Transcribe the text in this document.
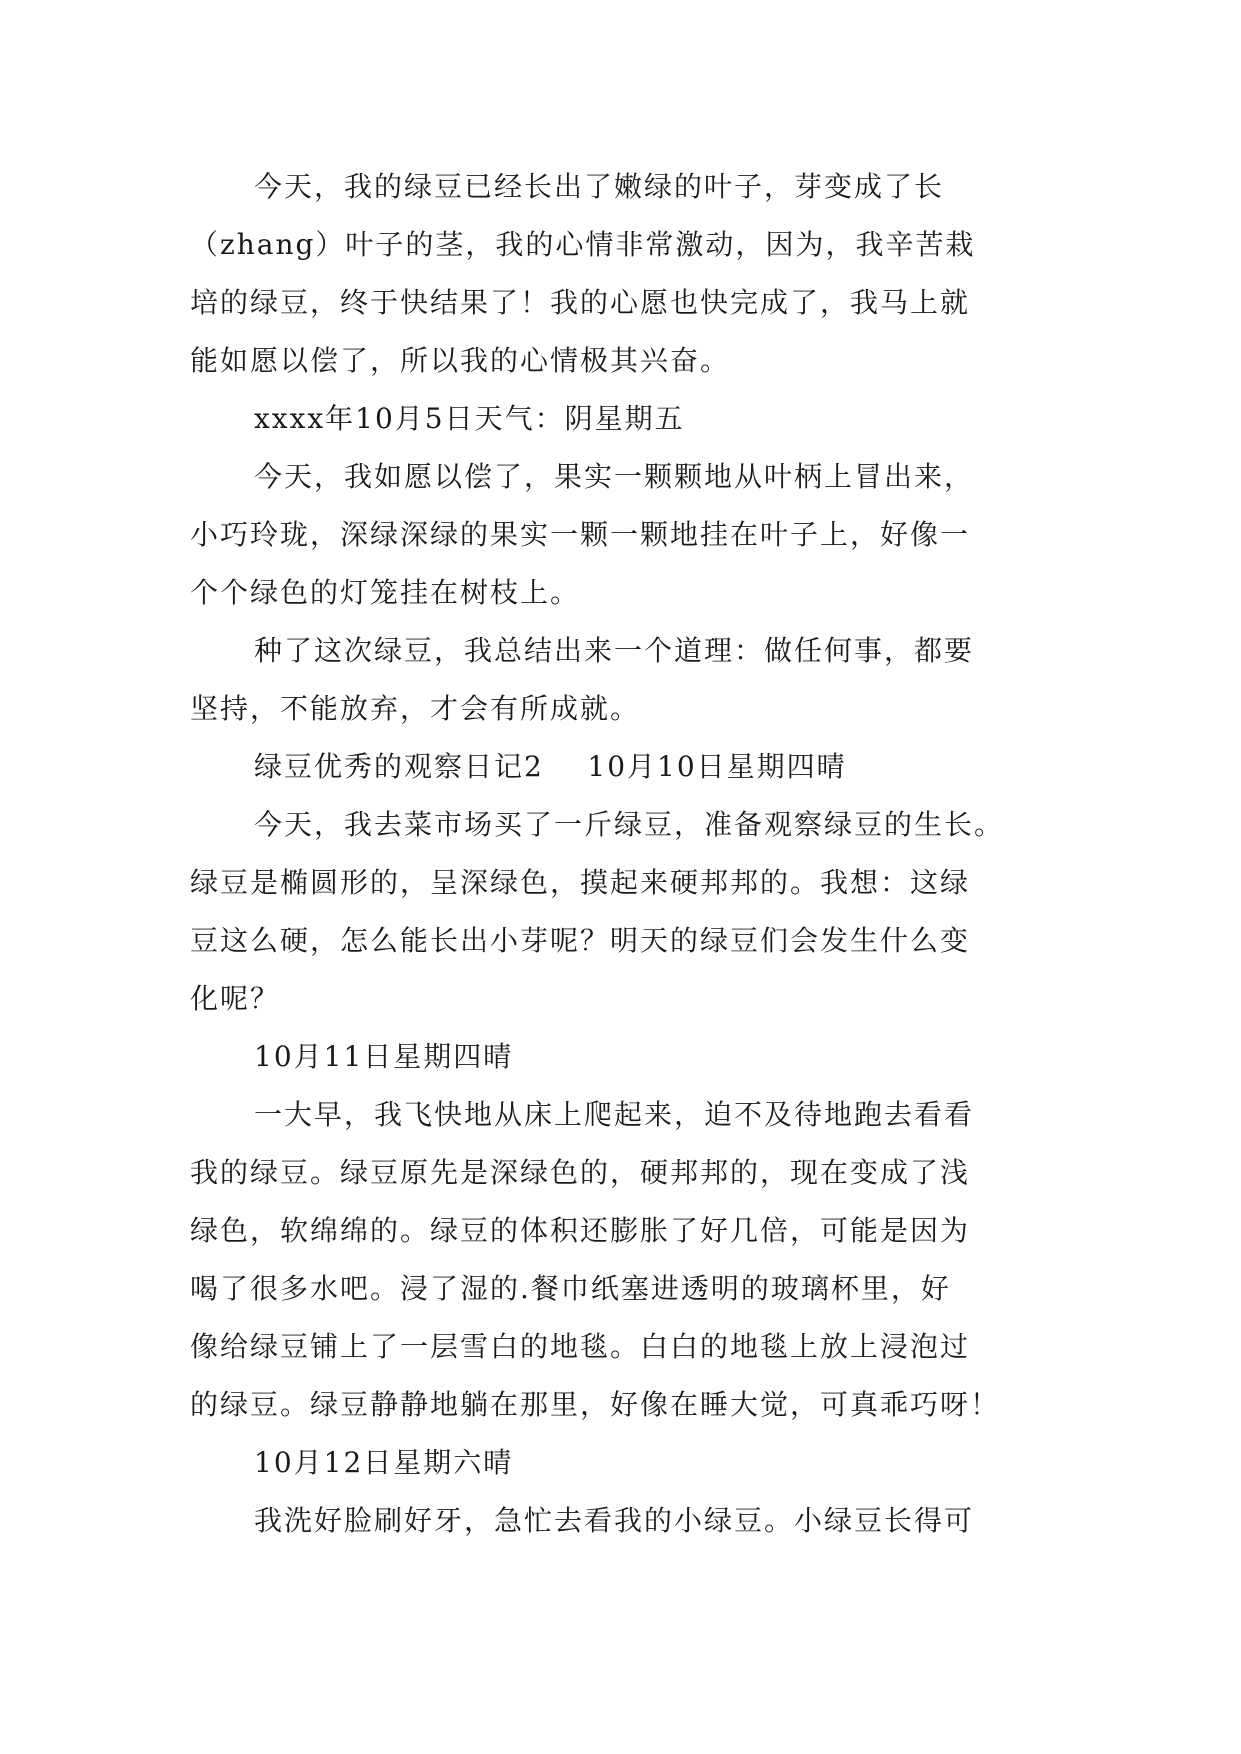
今天，我的绿豆已经长出了嫩绿的叶子，芽变成了长
（zhang）叶子的茎，我的心情非常激动，因为，我辛苦栽
培的绿豆，终于快结果了！我的心愿也快完成了，我马上就
能如愿以偿了，所以我的心情极其兴奋。
xxxx年10月5日天气：阴星期五
今天，我如愿以偿了，果实一颗颗地从叶柄上冒出来，
小巧玲珑，深绿深绿的果实一颗一颗地挂在叶子上，好像一
个个绿色的灯笼挂在树枝上。
种了这次绿豆，我总结出来一个道理：做任何事，都要
坚持，不能放弃，才会有所成就。
绿豆优秀的观察日记2    10月10日星期四晴
今天，我去菜市场买了一斤绿豆，准备观察绿豆的生长。
绿豆是椭圆形的，呈深绿色，摸起来硬邦邦的。我想：这绿
豆这么硬，怎么能长出小芽呢？明天的绿豆们会发生什么变
化呢？
10月11日星期四晴
一大早，我飞快地从床上爬起来，迫不及待地跑去看看
我的绿豆。绿豆原先是深绿色的，硬邦邦的，现在变成了浅
绿色，软绵绵的。绿豆的体积还膨胀了好几倍，可能是因为
喝了很多水吧。浸了湿的.餐巾纸塞进透明的玻璃杯里，好
像给绿豆铺上了一层雪白的地毯。白白的地毯上放上浸泡过
的绿豆。绿豆静静地躺在那里，好像在睡大觉，可真乖巧呀！
10月12日星期六晴
我洗好脸刷好牙，急忙去看我的小绿豆。小绿豆长得可
